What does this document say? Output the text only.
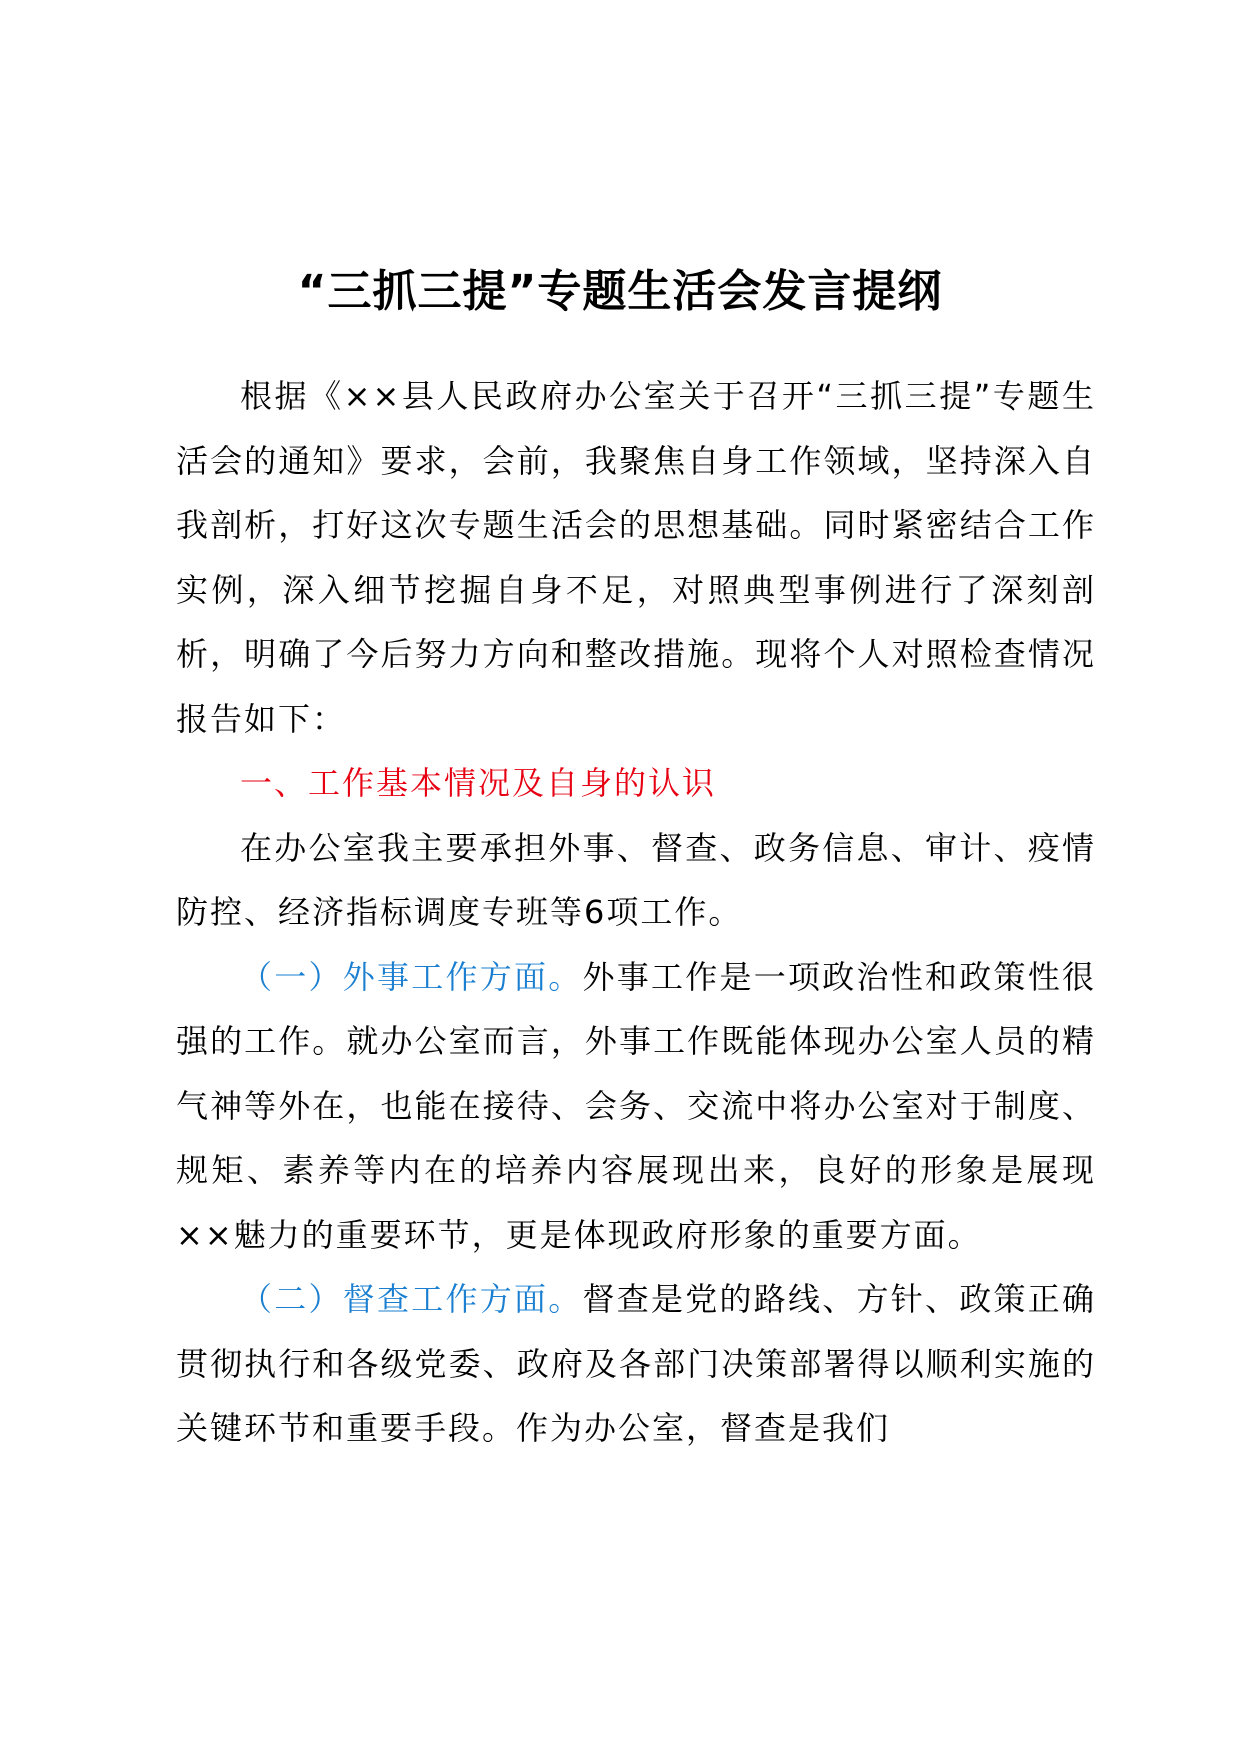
“三抓三提”专题生活会发言提纲

根据《××县人民政府办公室关于召开“三抓三提”专题生活会的通知》要求，会前，我聚焦自身工作领域，坚持深入自我剖析，打好这次专题生活会的思想基础。同时紧密结合工作实例，深入细节挖掘自身不足，对照典型事例进行了深刻剖析，明确了今后努力方向和整改措施。现将个人对照检查情况报告如下：

一、工作基本情况及自身的认识

在办公室我主要承担外事、督查、政务信息、审计、疫情防控、经济指标调度专班等6项工作。

（一）外事工作方面。外事工作是一项政治性和政策性很强的工作。就办公室而言，外事工作既能体现办公室人员的精气神等外在，也能在接待、会务、交流中将办公室对于制度、规矩、素养等内在的培养内容展现出来，良好的形象是展现××魅力的重要环节，更是体现政府形象的重要方面。

（二）督查工作方面。督查是党的路线、方针、政策正确贯彻执行和各级党委、政府及各部门决策部署得以顺利实施的关键环节和重要手段。作为办公室，督查是我们
